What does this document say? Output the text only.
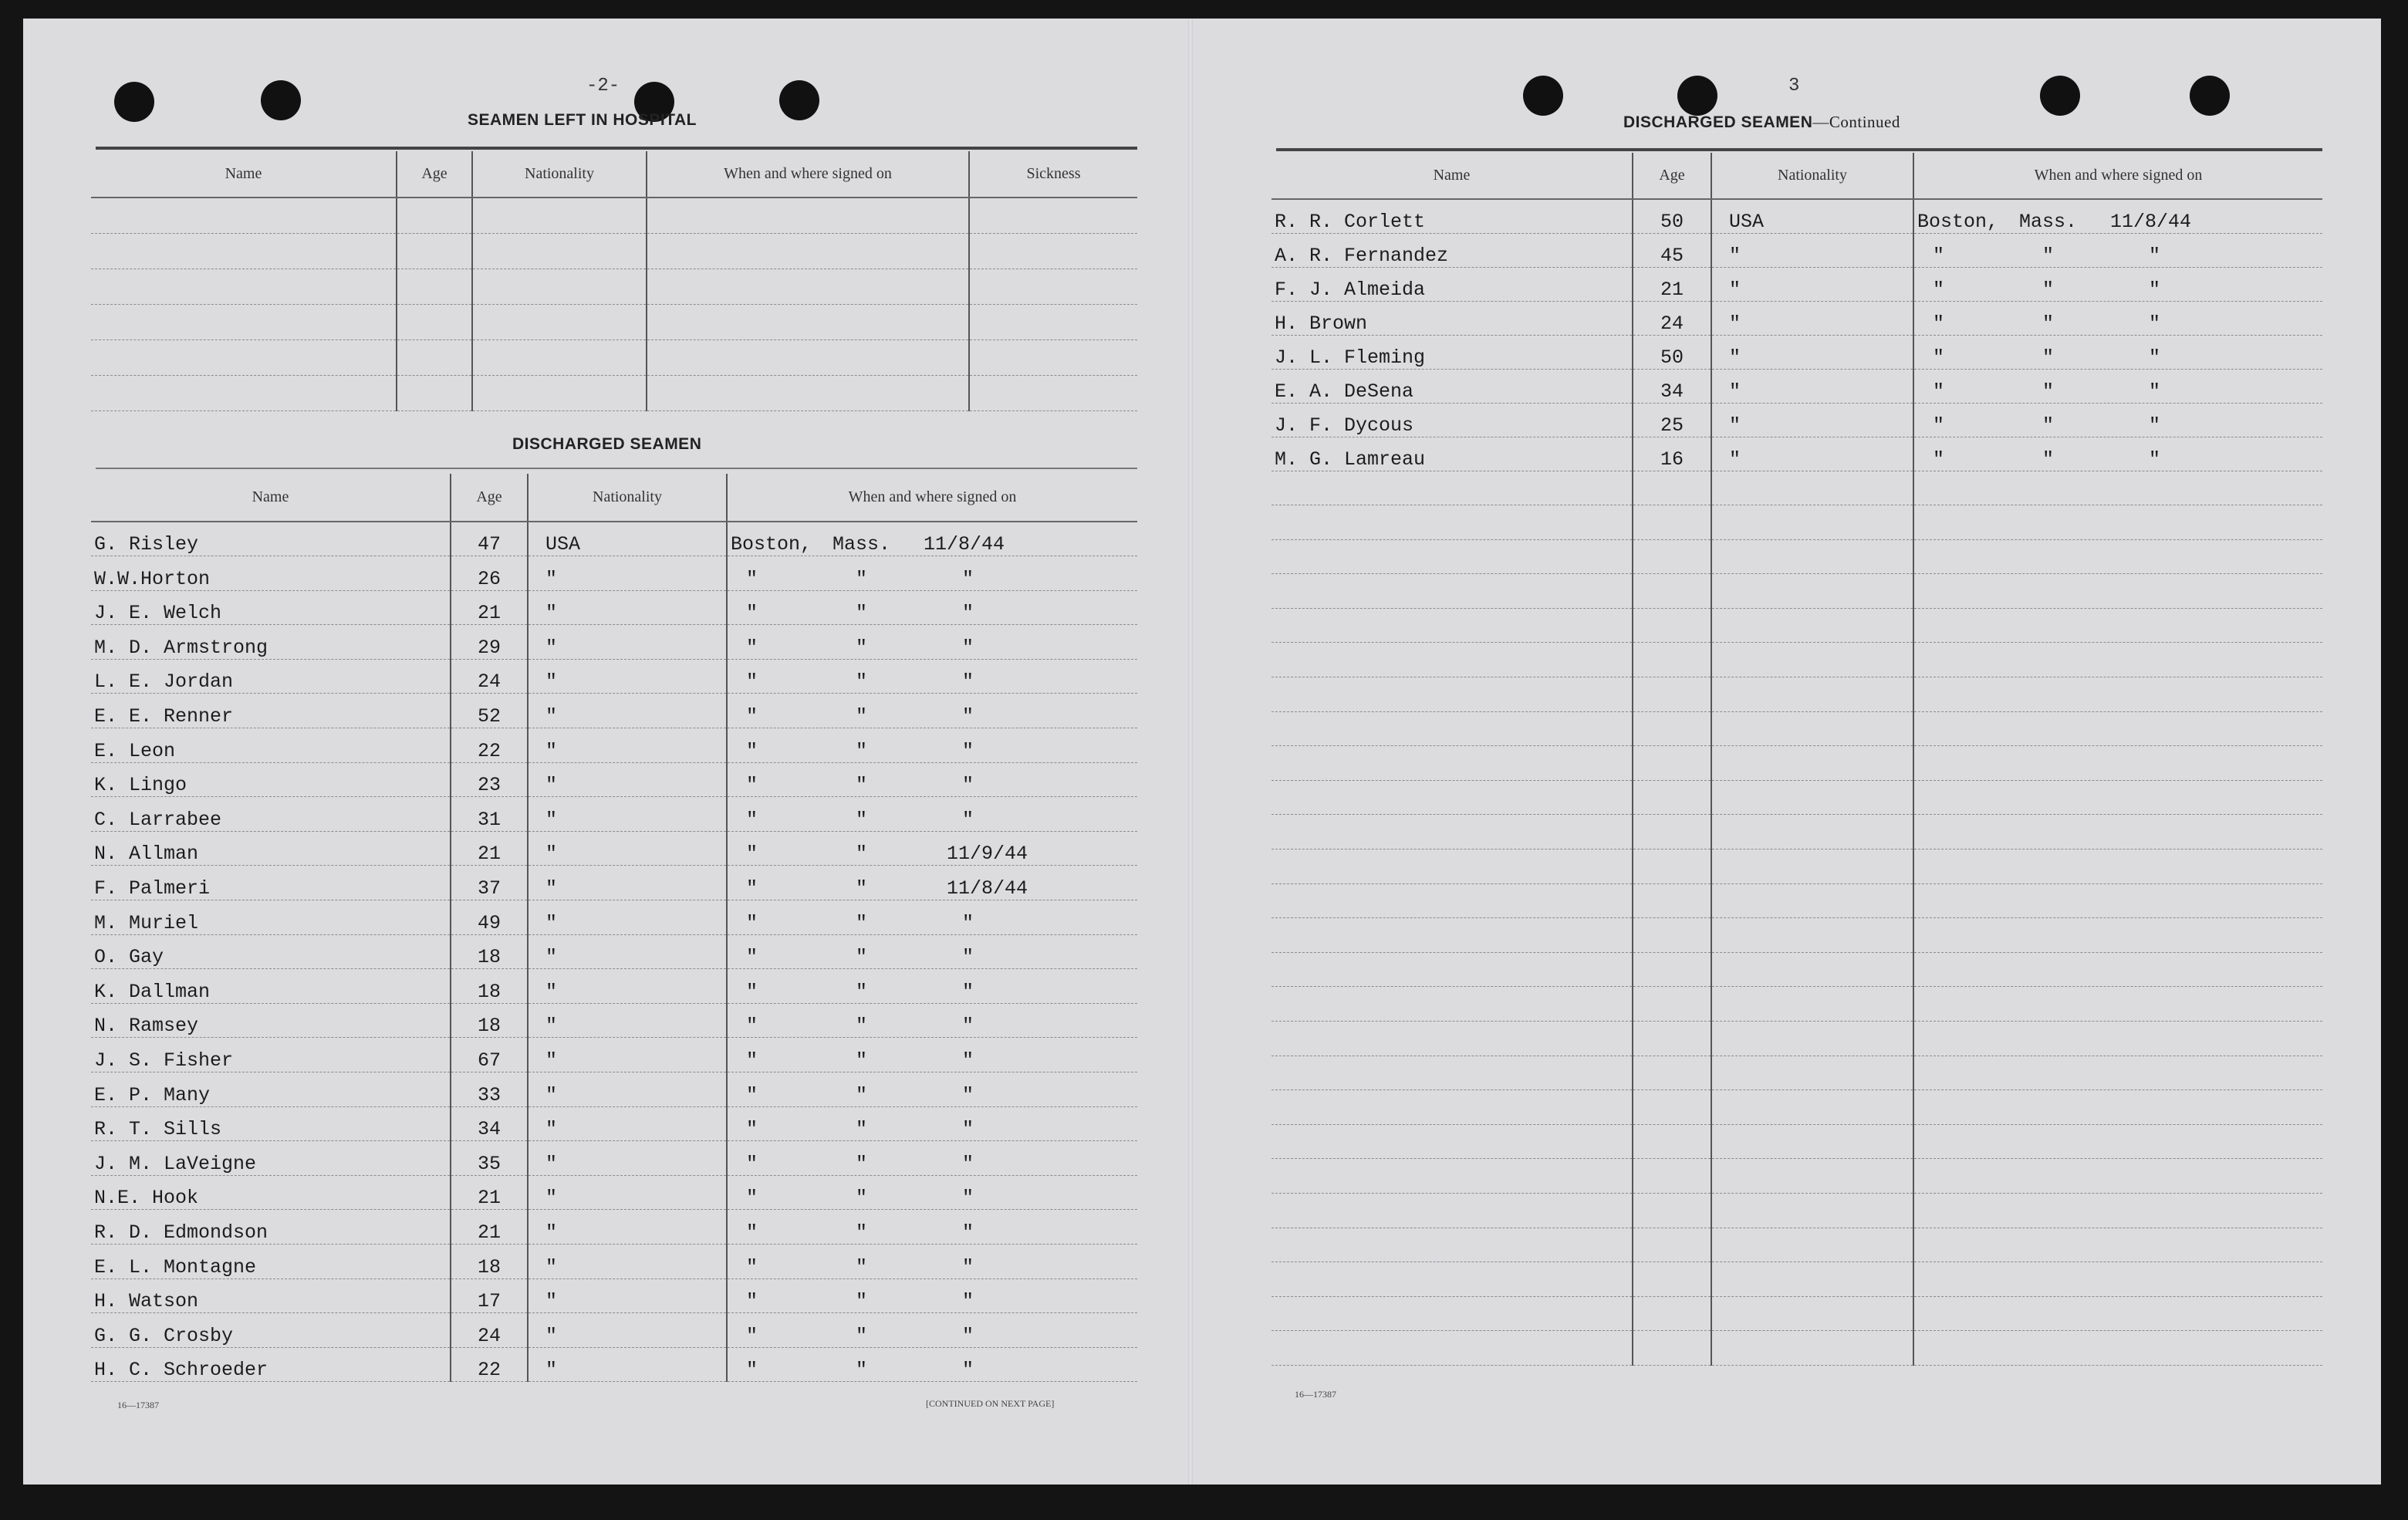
-2-
SEAMEN LEFT IN HOSPITAL
Name	Age	Nationality	When and where signed on	Sickness

DISCHARGED SEAMEN
Name	Age	Nationality	When and where signed on
G. Risley	47	USA	Boston, Mass. 11/8/44
W.W.Horton	26	"	" " "
J. E. Welch	21	"	" " "
M. D. Armstrong	29	"	" " "
L. E. Jordan	24	"	" " "
E. E. Renner	52	"	" " "
E. Leon	22	"	" " "
K. Lingo	23	"	" " "
C. Larrabee	31	"	" " "
N. Allman	21	"	" " 11/9/44
F. Palmeri	37	"	" " 11/8/44
M. Muriel	49	"	" " "
O. Gay	18	"	" " "
K. Dallman	18	"	" " "
N. Ramsey	18	"	" " "
J. S. Fisher	67	"	" " "
E. P. Many	33	"	" " "
R. T. Sills	34	"	" " "
J. M. LaVeigne	35	"	" " "
N.E. Hook	21	"	" " "
R. D. Edmondson	21	"	" " "
E. L. Montagne	18	"	" " "
H. Watson	17	"	" " "
G. G. Crosby	24	"	" " "
H. C. Schroeder	22	"	" " "
16—17387	[CONTINUED ON NEXT PAGE]
3
DISCHARGED SEAMEN—Continued
Name	Age	Nationality	When and where signed on
R. R. Corlett	50	USA	Boston, Mass. 11/8/44
A. R. Fernandez	45	"	" " "
F. J. Almeida	21	"	" " "
H. Brown	24	"	" " "
J. L. Fleming	50	"	" " "
E. A. DeSena	34	"	" " "
J. F. Dycous	25	"	" " "
M. G. Lamreau	16	"	" " "

16—17387
